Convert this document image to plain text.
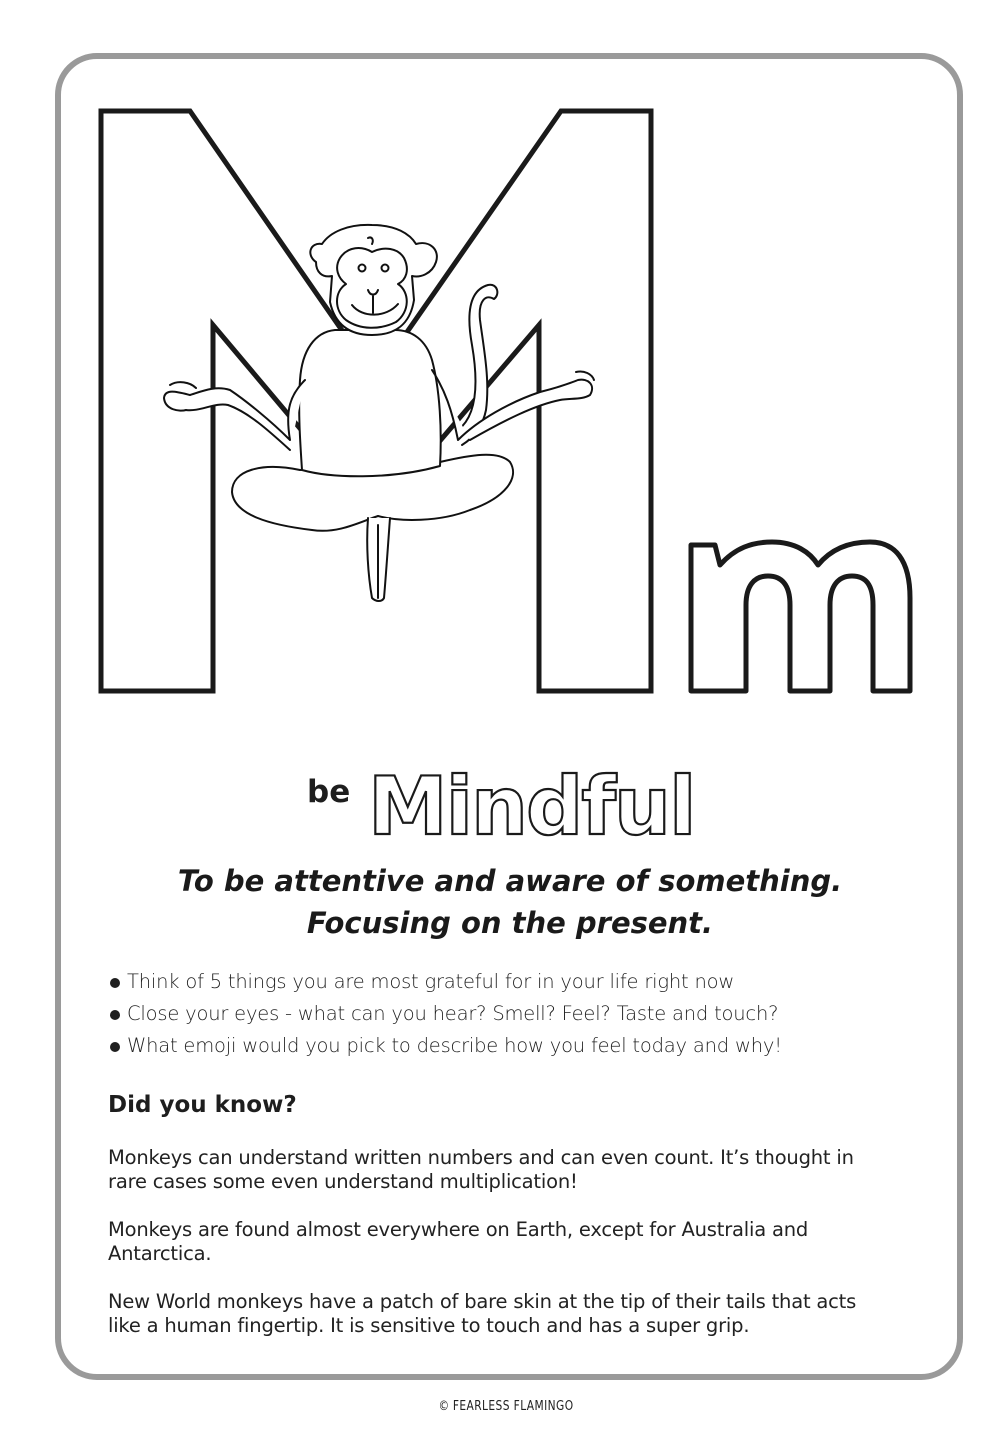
be Mindful
To be attentive and aware of something.
Focusing on the present.
Think of 5 things you are most grateful for in your life right now
Close your eyes - what can you hear? Smell? Feel? Taste and touch?
What emoji would you pick to describe how you feel today and why!
Did you know?

Monkeys can understand written numbers and can even count. It’s thought in
rare cases some even understand multiplication!

Monkeys are found almost everywhere on Earth, except for Australia and
Antarctica.

New World monkeys have a patch of bare skin at the tip of their tails that acts
like a human fingertip. It is sensitive to touch and has a super grip.

© FEARLESS FLAMINGO
